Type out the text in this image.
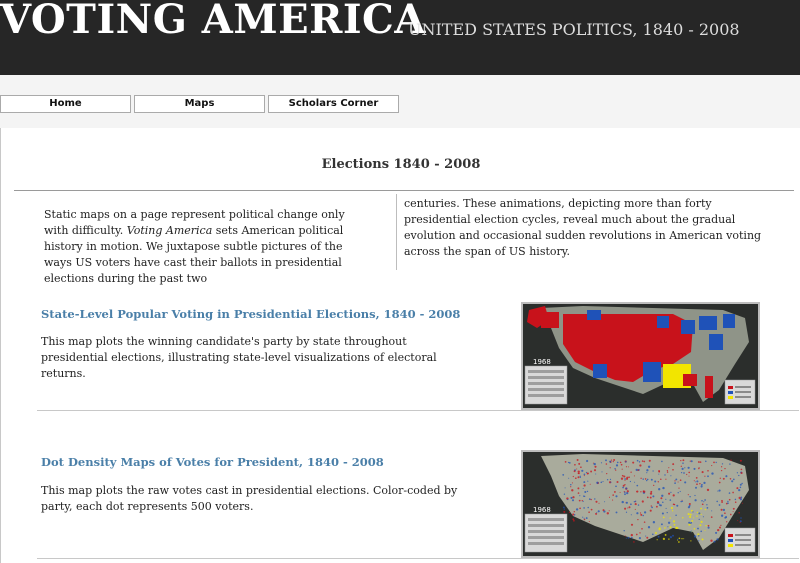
VOTING AMERICA
UNITED STATES POLITICS, 1840 - 2008
Home	Maps	Scholars Corner
Elections 1840 - 2008

Static maps on a page represent political change only with difficulty. Voting America sets American political history in motion. We juxtapose subtle pictures of the ways US voters have cast their ballots in presidential elections during the past two

centuries. These animations, depicting more than forty presidential election cycles, reveal much about the gradual evolution and occasional sudden revolutions in American voting across the span of US history.

State-Level Popular Voting in Presidential Elections, 1840 - 2008

This map plots the winning candidate's party by state throughout presidential elections, illustrating state-level visualizations of electoral returns.

1968
Dot Density Maps of Votes for President, 1840 - 2008

This map plots the raw votes cast in presidential elections. Color-coded by party, each dot represents 500 voters.	1968
